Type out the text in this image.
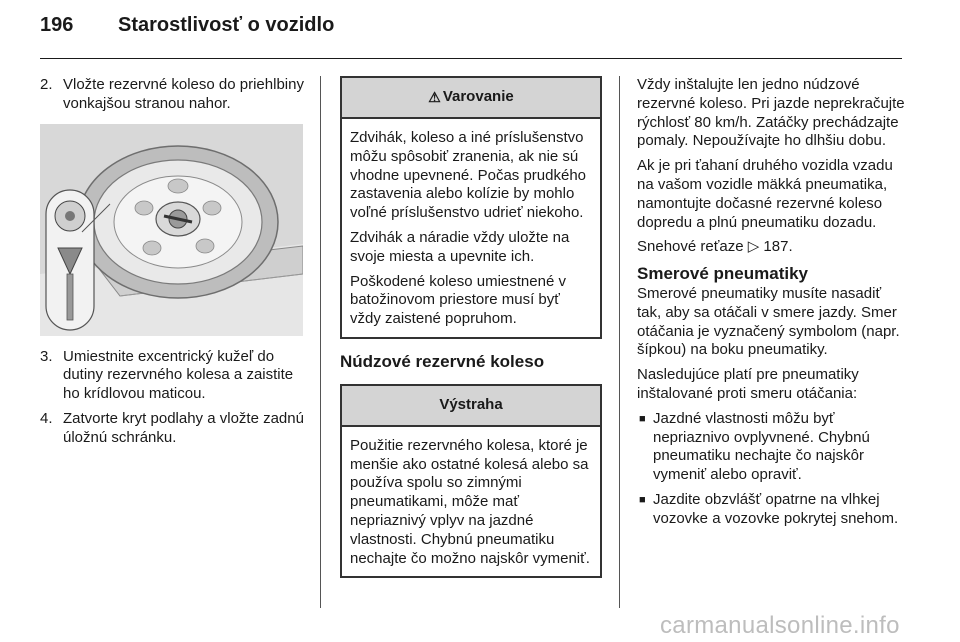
196	Starostlivosť o vozidlo
2. Vložte rezervné koleso do priehlbiny vonkajšou stranou nahor.
3. Umiestnite excentrický kužeľ do dutiny rezervného kolesa a zaistite ho krídlovou maticou.
4. Zatvorte kryt podlahy a vložte zadnú úložnú schránku.
⚠ Varovanie

Zdvihák, koleso a iné príslušenstvo môžu spôsobiť zranenia, ak nie sú vhodne upevnené. Počas prudkého zastavenia alebo kolízie by mohlo voľné príslušenstvo udrieť niekoho.

Zdvihák a náradie vždy uložte na svoje miesta a upevnite ich.

Poškodené koleso umiestnené v batožinovom priestore musí byť vždy zaistené popruhom.

Núdzové rezervné koleso
Výstraha

Použitie rezervného kolesa, ktoré je menšie ako ostatné kolesá alebo sa používa spolu so zimnými pneumatikami, môže mať nepriaznivý vplyv na jazdné vlastnosti. Chybnú pneumatiku nechajte čo možno najskôr vymeniť.

Vždy inštalujte len jedno núdzové rezervné koleso. Pri jazde neprekračujte rýchlosť 80 km/h. Zatáčky prechádzajte pomaly. Nepoužívajte ho dlhšiu dobu.

Ak je pri ťahaní druhého vozidla vzadu na vašom vozidle mäkká pneumatika, namontujte dočasné rezervné koleso dopredu a plnú pneumatiku dozadu.

Snehové reťaze ▷ 187.

Smerové pneumatiky

Smerové pneumatiky musíte nasadiť tak, aby sa otáčali v smere jazdy. Smer otáčania je vyznačený symbolom (napr. šípkou) na boku pneumatiky.

Nasledujúce platí pre pneumatiky inštalované proti smeru otáčania:

■ Jazdné vlastnosti môžu byť nepriaznivo ovplyvnené. Chybnú pneumatiku nechajte čo najskôr vymeniť alebo opraviť.
■ Jazdite obzvlášť opatrne na vlhkej vozovke a vozovke pokrytej snehom.
carmanualsonline.info
